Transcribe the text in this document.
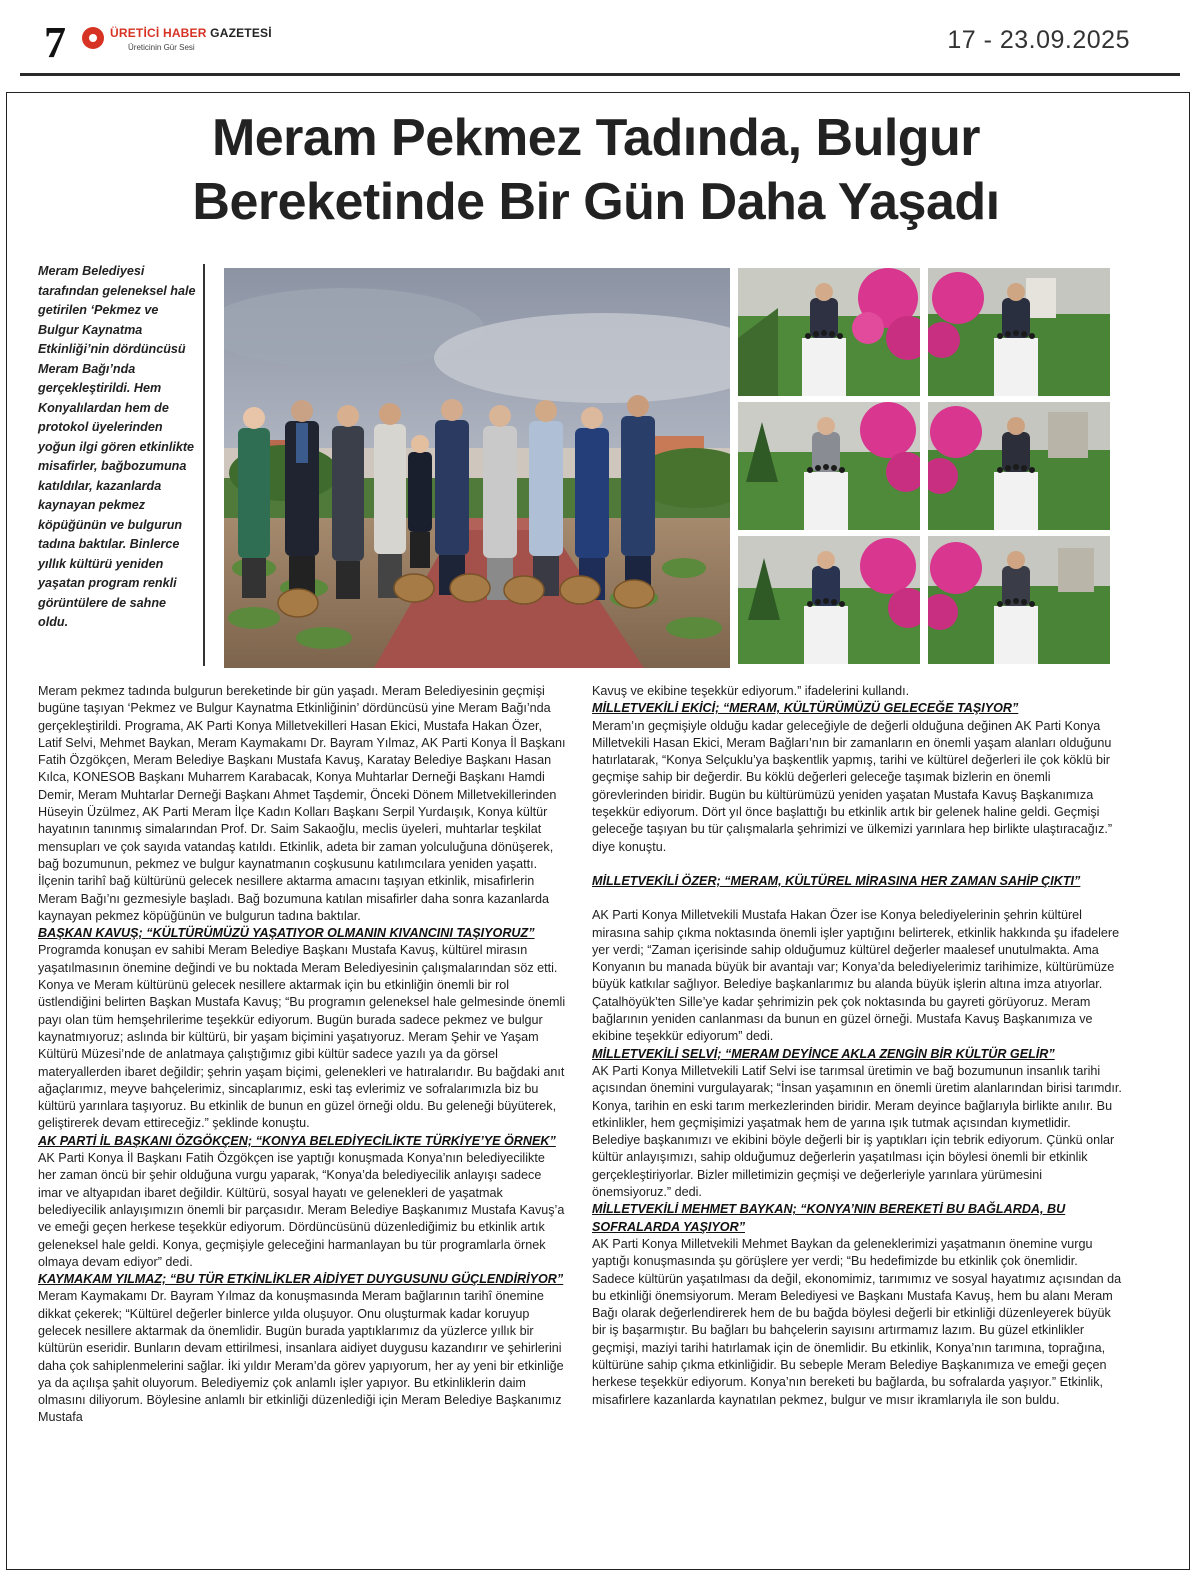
7	ÜRETİCİ HABER GAZETESİ
Üreticinin Gür Sesi	17 - 23.09.2025
Meram Pekmez Tadında, Bulgur
Bereketinde Bir Gün Daha Yaşadı

Meram Belediyesi tarafından geleneksel hale getirilen ‘Pekmez ve Bulgur Kaynatma Etkinliği’nin dördüncüsü Meram Bağı’nda gerçekleştirildi. Hem Konyalılardan hem de protokol üyelerinden yoğun ilgi gören etkinlikte misafirler, bağbozumuna katıldılar, kazanlarda kaynayan pekmez köpüğünün ve bulgurun tadına baktılar. Binlerce yıllık kültürü yeniden yaşatan program renkli görüntülere de sahne oldu.

Meram pekmez tadında bulgurun bereketinde bir gün yaşadı. Meram Belediyesinin geçmişi bugüne taşıyan ‘Pekmez ve Bulgur Kaynatma Etkinliğinin’ dördüncüsü yine Meram Bağı’nda gerçekleştirildi. Programa, AK Parti Konya Milletvekilleri Hasan Ekici, Mustafa Hakan Özer, Latif Selvi, Mehmet Baykan, Meram Kaymakamı Dr. Bayram Yılmaz, AK Parti Konya İl Başkanı Fatih Özgökçen, Meram Belediye Başkanı Mustafa Kavuş, Karatay Belediye Başkanı Hasan Kılca, KONESOB Başkanı Muharrem Karabacak, Konya Muhtarlar Derneği Başkanı Hamdi Demir, Meram Muhtarlar Derneği Başkanı Ahmet Taşdemir, Önceki Dönem Milletvekillerinden Hüseyin Üzülmez, AK Parti Meram İlçe Kadın Kolları Başkanı Serpil Yurdaışık, Konya kültür hayatının tanınmış simalarından Prof. Dr. Saim Sakaoğlu, meclis üyeleri, muhtarlar teşkilat mensupları ve çok sayıda vatandaş katıldı. Etkinlik, adeta bir zaman yolculuğuna dönüşerek, bağ bozumunun, pekmez ve bulgur kaynatmanın coşkusunu katılımcılara yeniden yaşattı. İlçenin tarihî bağ kültürünü gelecek nesillere aktarma amacını taşıyan etkinlik, misafirlerin Meram Bağı’nı gezmesiyle başladı. Bağ bozumuna katılan misafirler daha sonra kazanlarda kaynayan pekmez köpüğünün ve bulgurun tadına baktılar.

BAŞKAN KAVUŞ; “KÜLTÜRÜMÜZÜ YAŞATIYOR OLMANIN KIVANCINI TAŞIYORUZ”

Programda konuşan ev sahibi Meram Belediye Başkanı Mustafa Kavuş, kültürel mirasın yaşatılmasının önemine değindi ve bu noktada Meram Belediyesinin çalışmalarından söz etti. Konya ve Meram kültürünü gelecek nesillere aktarmak için bu etkinliğin önemli bir rol üstlendiğini belirten Başkan Mustafa Kavuş; “Bu programın geleneksel hale gelmesinde önemli payı olan tüm hemşehrilerime teşekkür ediyorum. Bugün burada sadece pekmez ve bulgur kaynatmıyoruz; aslında bir kültürü, bir yaşam biçimini yaşatıyoruz. Meram Şehir ve Yaşam Kültürü Müzesi’nde de anlatmaya çalıştığımız gibi kültür sadece yazılı ya da görsel materyallerden ibaret değildir; şehrin yaşam biçimi, gelenekleri ve hatıralarıdır. Bu bağdaki anıt ağaçlarımız, meyve bahçelerimiz, sincaplarımız, eski taş evlerimiz ve sofralarımızla biz bu kültürü yarınlara taşıyoruz. Bu etkinlik de bunun en güzel örneği oldu. Bu geleneği büyüterek, geliştirerek devam ettireceğiz.” şeklinde konuştu.

AK PARTİ İL BAŞKANI ÖZGÖKÇEN; “KONYA BELEDİYECİLİKTE TÜRKİYE’YE ÖRNEK”

AK Parti Konya İl Başkanı Fatih Özgökçen ise yaptığı konuşmada Konya’nın belediyecilikte her zaman öncü bir şehir olduğuna vurgu yaparak, “Konya’da belediyecilik anlayışı sadece imar ve altyapıdan ibaret değildir. Kültürü, sosyal hayatı ve gelenekleri de yaşatmak belediyecilik anlayışımızın önemli bir parçasıdır. Meram Belediye Başkanımız Mustafa Kavuş’a ve emeği geçen herkese teşekkür ediyorum. Dördüncüsünü düzenlediğimiz bu etkinlik artık geleneksel hale geldi. Konya, geçmişiyle geleceğini harmanlayan bu tür programlarla örnek olmaya devam ediyor” dedi.

KAYMAKAM YILMAZ; “BU TÜR ETKİNLİKLER AİDİYET DUYGUSUNU GÜÇLENDİRİYOR”

Meram Kaymakamı Dr. Bayram Yılmaz da konuşmasında Meram bağlarının tarihî önemine dikkat çekerek; “Kültürel değerler binlerce yılda oluşuyor. Onu oluşturmak kadar koruyup gelecek nesillere aktarmak da önemlidir. Bugün burada yaptıklarımız da yüzlerce yıllık bir kültürün eseridir. Bunların devam ettirilmesi, insanlara aidiyet duygusu kazandırır ve şehirlerini daha çok sahiplenmelerini sağlar. İki yıldır Meram’da görev yapıyorum, her ay yeni bir etkinliğe ya da açılışa şahit oluyorum. Belediyemiz çok anlamlı işler yapıyor. Bu etkinliklerin daim olmasını diliyorum. Böylesine anlamlı bir etkinliği düzenlediği için Meram Belediye Başkanımız Mustafa

Kavuş ve ekibine teşekkür ediyorum.” ifadelerini kullandı.

MİLLETVEKİLİ EKİCİ; “MERAM, KÜLTÜRÜMÜZÜ GELECEĞE TAŞIYOR”

Meram’ın geçmişiyle olduğu kadar geleceğiyle de değerli olduğuna değinen AK Parti Konya Milletvekili Hasan Ekici, Meram Bağları’nın bir zamanların en önemli yaşam alanları olduğunu hatırlatarak, “Konya Selçuklu’ya başkentlik yapmış, tarihi ve kültürel değerleri ile çok köklü bir geçmişe sahip bir değerdir. Bu köklü değerleri geleceğe taşımak bizlerin en önemli görevlerinden biridir. Bugün bu kültürümüzü yeniden yaşatan Mustafa Kavuş Başkanımıza teşekkür ediyorum. Dört yıl önce başlattığı bu etkinlik artık bir gelenek haline geldi. Geçmişi geleceğe taşıyan bu tür çalışmalarla şehrimizi ve ülkemizi yarınlara hep birlikte ulaştıracağız.” diye konuştu.

MİLLETVEKİLİ ÖZER; “MERAM, KÜLTÜREL MİRASINA HER ZAMAN SAHİP ÇIKTI”

AK Parti Konya Milletvekili Mustafa Hakan Özer ise Konya belediyelerinin şehrin kültürel mirasına sahip çıkma noktasında önemli işler yaptığını belirterek, etkinlik hakkında şu ifadelere yer verdi; “Zaman içerisinde sahip olduğumuz kültürel değerler maalesef unutulmakta. Ama Konyanın bu manada büyük bir avantajı var; Konya’da belediyelerimiz tarihimize, kültürümüze büyük katkılar sağlıyor. Belediye başkanlarımız bu alanda büyük işlerin altına imza atıyorlar. Çatalhöyük’ten Sille’ye kadar şehrimizin pek çok noktasında bu gayreti görüyoruz. Meram bağlarının yeniden canlanması da bunun en güzel örneği. Mustafa Kavuş Başkanımıza ve ekibine teşekkür ediyorum” dedi.

MİLLETVEKİLİ SELVİ; “MERAM DEYİNCE AKLA ZENGİN BİR KÜLTÜR GELİR”

AK Parti Konya Milletvekili Latif Selvi ise tarımsal üretimin ve bağ bozumunun insanlık tarihi açısından önemini vurgulayarak; “İnsan yaşamının en önemli üretim alanlarından birisi tarımdır. Konya, tarihin en eski tarım merkezlerinden biridir. Meram deyince bağlarıyla birlikte anılır. Bu etkinlikler, hem geçmişimizi yaşatmak hem de yarına ışık tutmak açısından kıymetlidir. Belediye başkanımızı ve ekibini böyle değerli bir iş yaptıkları için tebrik ediyorum. Çünkü onlar kültür anlayışımızı, sahip olduğumuz değerlerin yaşatılması için böylesi önemli bir etkinlik gerçekleştiriyorlar. Bizler milletimizin geçmişi ve değerleriyle yarınlara yürümesini önemsiyoruz.” dedi.

MİLLETVEKİLİ MEHMET BAYKAN; “KONYA’NIN BEREKETİ BU BAĞLARDA, BU SOFRALARDA YAŞIYOR”

AK Parti Konya Milletvekili Mehmet Baykan da geleneklerimizi yaşatmanın önemine vurgu yaptığı konuşmasında şu görüşlere yer verdi; “Bu hedefimizde bu etkinlik çok önemlidir. Sadece kültürün yaşatılması da değil, ekonomimiz, tarımımız ve sosyal hayatımız açısından da bu etkinliği önemsiyorum. Meram Belediyesi ve Başkanı Mustafa Kavuş, hem bu alanı Meram Bağı olarak değerlendirerek hem de bu bağda böylesi değerli bir etkinliği düzenleyerek büyük bir iş başarmıştır. Bu bağları bu bahçelerin sayısını artırmamız lazım. Bu güzel etkinlikler geçmişi, maziyi tarihi hatırlamak için de önemlidir. Bu etkinlik, Konya’nın tarımına, toprağına, kültürüne sahip çıkma etkinliğidir. Bu sebeple Meram Belediye Başkanımıza ve emeği geçen herkese teşekkür ediyorum. Konya’nın bereketi bu bağlarda, bu sofralarda yaşıyor.” Etkinlik, misafirlere kazanlarda kaynatılan pekmez, bulgur ve mısır ikramlarıyla ile son buldu.
